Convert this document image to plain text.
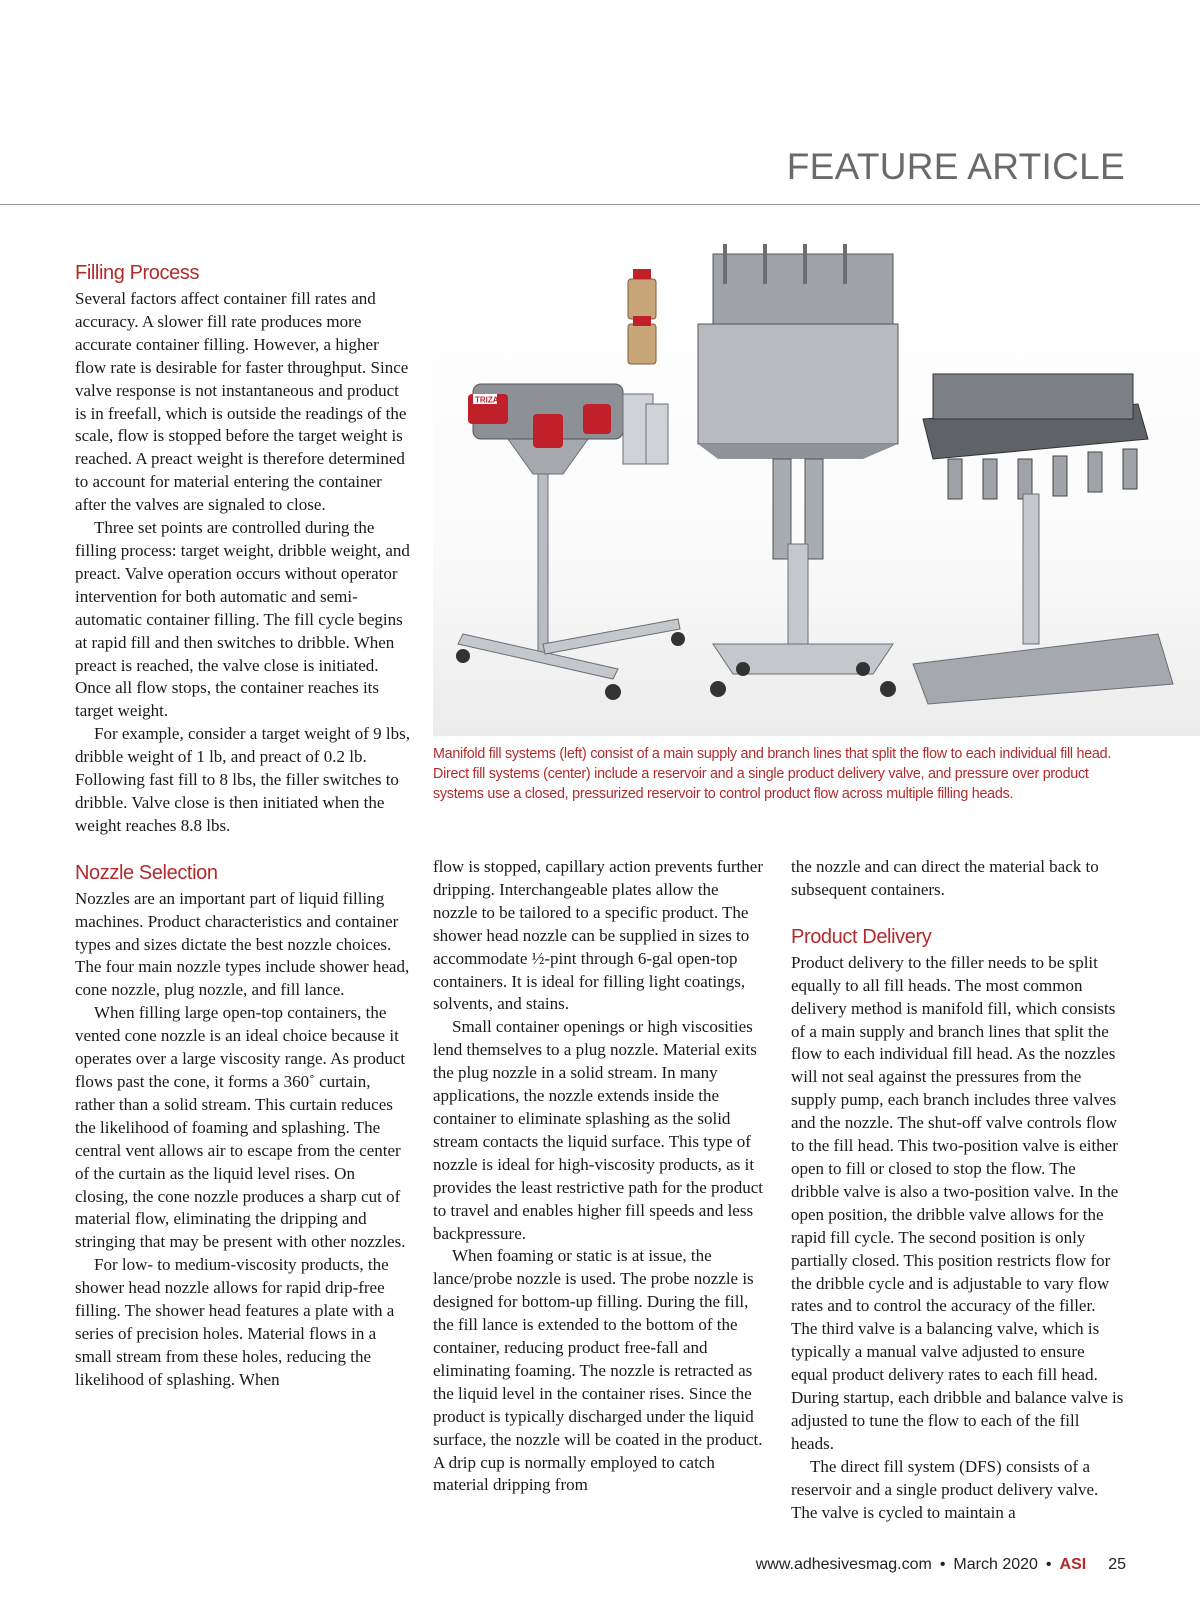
FEATURE ARTICLE
Filling Process

Several factors affect container fill rates and accuracy. A slower fill rate produces more accurate container filling. However, a higher flow rate is desirable for faster throughput. Since valve response is not instantaneous and product is in freefall, which is outside the readings of the scale, flow is stopped before the target weight is reached. A preact weight is therefore determined to account for material entering the container after the valves are signaled to close.

Three set points are controlled during the filling process: target weight, dribble weight, and preact. Valve operation occurs without operator intervention for both automatic and semi-automatic container filling. The fill cycle begins at rapid fill and then switches to dribble. When preact is reached, the valve close is initiated. Once all flow stops, the container reaches its target weight.

For example, consider a target weight of 9 lbs, dribble weight of 1 lb, and preact of 0.2 lb. Following fast fill to 8 lbs, the filler switches to dribble. Valve close is then initiated when the weight reaches 8.8 lbs.

Nozzle Selection

Nozzles are an important part of liquid filling machines. Product characteristics and container types and sizes dictate the best nozzle choices. The four main nozzle types include shower head, cone nozzle, plug nozzle, and fill lance.

When filling large open-top containers, the vented cone nozzle is an ideal choice because it operates over a large viscosity range. As product flows past the cone, it forms a 360˚ curtain, rather than a solid stream. This curtain reduces the likelihood of foaming and splashing. The central vent allows air to escape from the center of the curtain as the liquid level rises. On closing, the cone nozzle produces a sharp cut of material flow, eliminating the dripping and stringing that may be present with other nozzles.

For low- to medium-viscosity products, the shower head nozzle allows for rapid drip-free filling. The shower head features a plate with a series of precision holes. Material flows in a small stream from these holes, reducing the likelihood of splashing. When

TRIZA
Manifold fill systems (left) consist of a main supply and branch lines that split the flow to each individual fill head. Direct fill systems (center) include a reservoir and a single product delivery valve, and pressure over product systems use a closed, pressurized reservoir to control product flow across multiple filling heads.

flow is stopped, capillary action prevents further dripping. Interchangeable plates allow the nozzle to be tailored to a specific product. The shower head nozzle can be supplied in sizes to accommodate ½-pint through 6-gal open-top containers. It is ideal for filling light coatings, solvents, and stains.

Small container openings or high viscosities lend themselves to a plug nozzle. Material exits the plug nozzle in a solid stream. In many applications, the nozzle extends inside the container to eliminate splashing as the solid stream contacts the liquid surface. This type of nozzle is ideal for high-viscosity products, as it provides the least restrictive path for the product to travel and enables higher fill speeds and less backpressure.

When foaming or static is at issue, the lance/probe nozzle is used. The probe nozzle is designed for bottom-up filling. During the fill, the fill lance is extended to the bottom of the container, reducing product free-fall and eliminating foaming. The nozzle is retracted as the liquid level in the container rises. Since the product is typically discharged under the liquid surface, the nozzle will be coated in the product. A drip cup is normally employed to catch material dripping from

the nozzle and can direct the material back to subsequent containers.

Product Delivery

Product delivery to the filler needs to be split equally to all fill heads. The most common delivery method is manifold fill, which consists of a main supply and branch lines that split the flow to each individual fill head. As the nozzles will not seal against the pressures from the supply pump, each branch includes three valves and the nozzle. The shut-off valve controls flow to the fill head. This two-position valve is either open to fill or closed to stop the flow. The dribble valve is also a two-position valve. In the open position, the dribble valve allows for the rapid fill cycle. The second position is only partially closed. This position restricts flow for the dribble cycle and is adjustable to vary flow rates and to control the accuracy of the filler. The third valve is a balancing valve, which is typically a manual valve adjusted to ensure equal product delivery rates to each fill head. During startup, each dribble and balance valve is adjusted to tune the flow to each of the fill heads.

The direct fill system (DFS) consists of a reservoir and a single product delivery valve. The valve is cycled to maintain a

www.adhesivesmag.com • March 2020 • ASI 25
